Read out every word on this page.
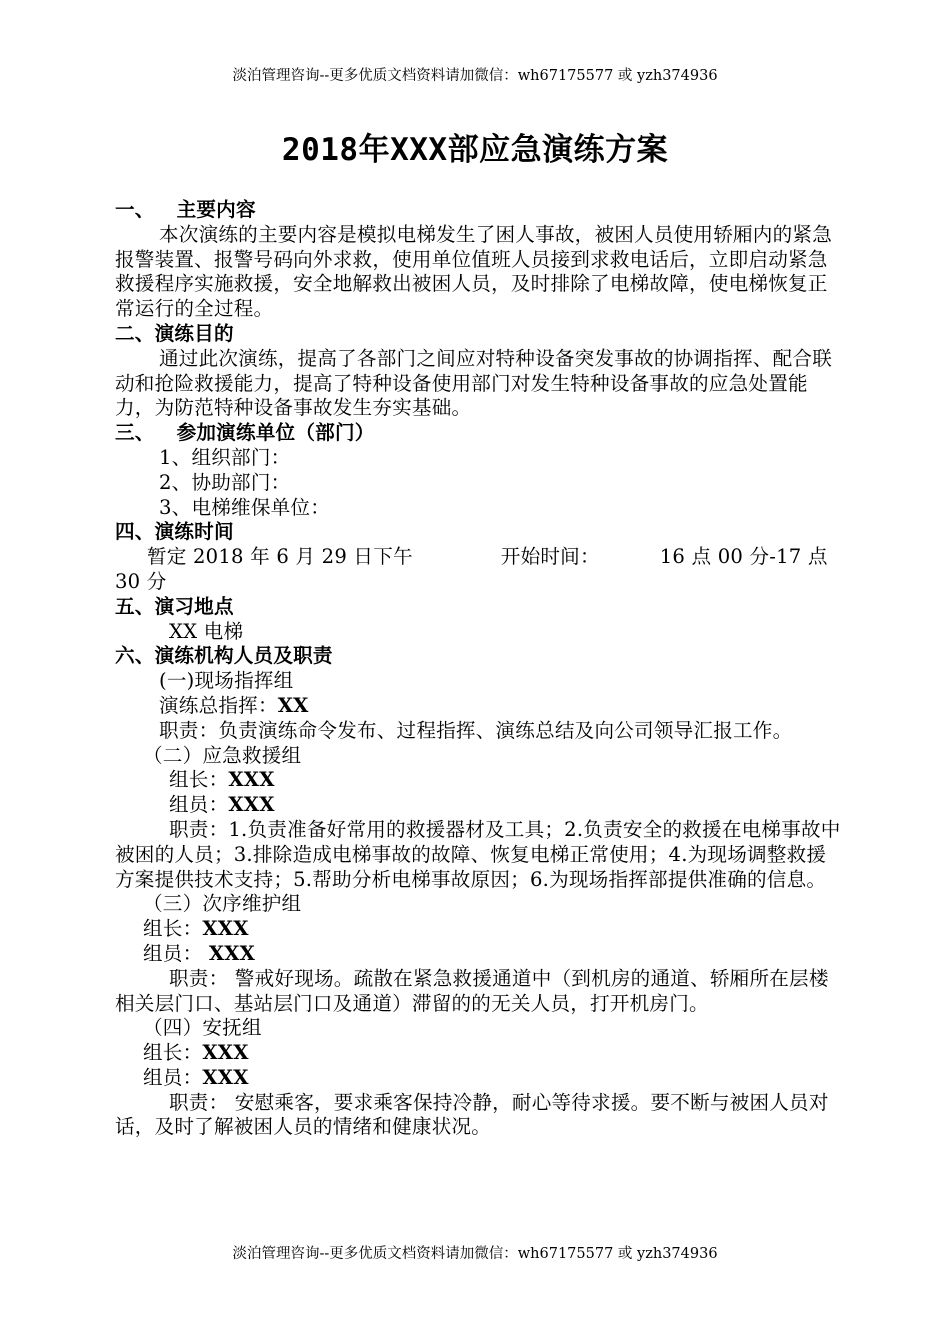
淡泊管理咨询--更多优质文档资料请加微信：wh67175577 或 yzh374936
2018年XXX部应急演练方案

一、 主要内容

本次演练的主要内容是模拟电梯发生了困人事故，被困人员使用轿厢内的紧急报警装置、报警号码向外求救，使用单位值班人员接到求救电话后，立即启动紧急救援程序实施救援，安全地解救出被困人员，及时排除了电梯故障，使电梯恢复正常运行的全过程。

二、演练目的

通过此次演练，提高了各部门之间应对特种设备突发事故的协调指挥、配合联动和抢险救援能力，提高了特种设备使用部门对发生特种设备事故的应急处置能力，为防范特种设备事故发生夯实基础。

三、 参加演练单位（部门）

1、组织部门：

2、协助部门：

3、电梯维保单位：

四、演练时间

暂定 2018 年 6 月 29 日下午	开始时间：	16 点 00 分-17 点

30 分

五、演习地点

XX 电梯

六、演练机构人员及职责

(一)现场指挥组

演练总指挥：XX

职责：负责演练命令发布、过程指挥、演练总结及向公司领导汇报工作。

（二）应急救援组

组长：XXX

组员：XXX

职责：1.负责准备好常用的救援器材及工具；2.负责安全的救援在电梯事故中被困的人员；3.排除造成电梯事故的故障、恢复电梯正常使用；4.为现场调整救援方案提供技术支持；5.帮助分析电梯事故原因；6.为现场指挥部提供准确的信息。

（三）次序维护组

组长：XXX

组员： XXX

职责： 警戒好现场。疏散在紧急救援通道中（到机房的通道、轿厢所在层楼相关层门口、基站层门口及通道）滞留的的无关人员，打开机房门。

（四）安抚组

组长：XXX

组员：XXX

职责： 安慰乘客，要求乘客保持冷静，耐心等待求援。要不断与被困人员对话，及时了解被困人员的情绪和健康状况。

淡泊管理咨询--更多优质文档资料请加微信：wh67175577 或 yzh374936
